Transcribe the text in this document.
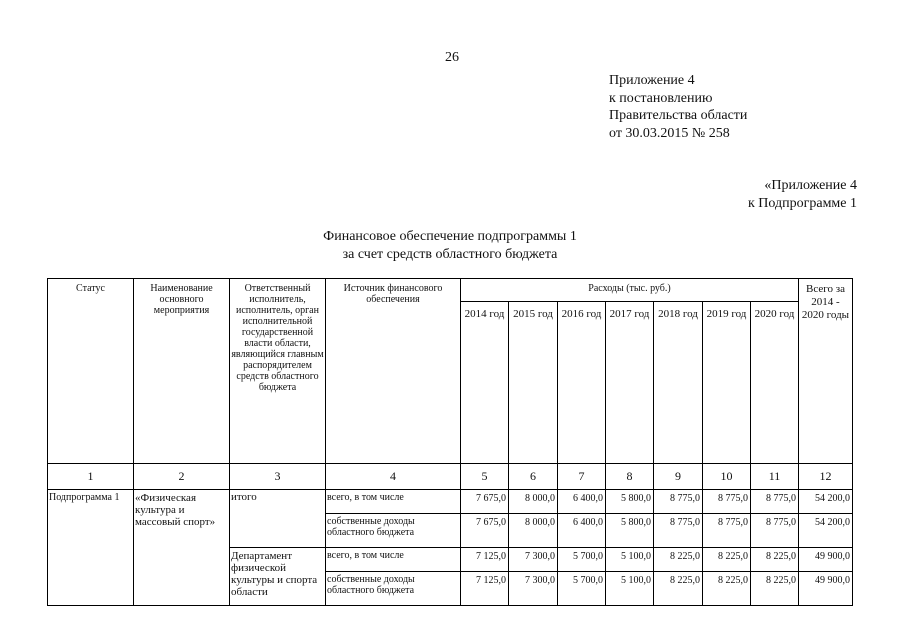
26
Приложение 4
к постановлению
Правительства области
от 30.03.2015 № 258
«Приложение 4
к Подпрограмме 1
Финансовое обеспечение подпрограммы 1
за счет средств областного бюджета
Статус	Наименование основного мероприятия	Ответственный исполнитель, исполнитель, орган исполнительной государственной власти области, являющийся главным распорядителем средств областного бюджета	Источник финансового обеспечения	Расходы (тыс. руб.)							Всего за 2014 - 2020 годы
				2014 год	2015 год	2016 год	2017 год	2018 год	2019 год	2020 год	
1	2	3	4	5	6	7	8	9	10	11	12
Подпрограмма 1	«Физическая культура и массовый спорт»	итого	всего, в том числе	7 675,0	8 000,0	6 400,0	5 800,0	8 775,0	8 775,0	8 775,0	54 200,0
			собственные доходы областного бюджета	7 675,0	8 000,0	6 400,0	5 800,0	8 775,0	8 775,0	8 775,0	54 200,0
		Департамент физической культуры и спорта области	всего, в том числе	7 125,0	7 300,0	5 700,0	5 100,0	8 225,0	8 225,0	8 225,0	49 900,0
			собственные доходы областного бюджета	7 125,0	7 300,0	5 700,0	5 100,0	8 225,0	8 225,0	8 225,0	49 900,0
